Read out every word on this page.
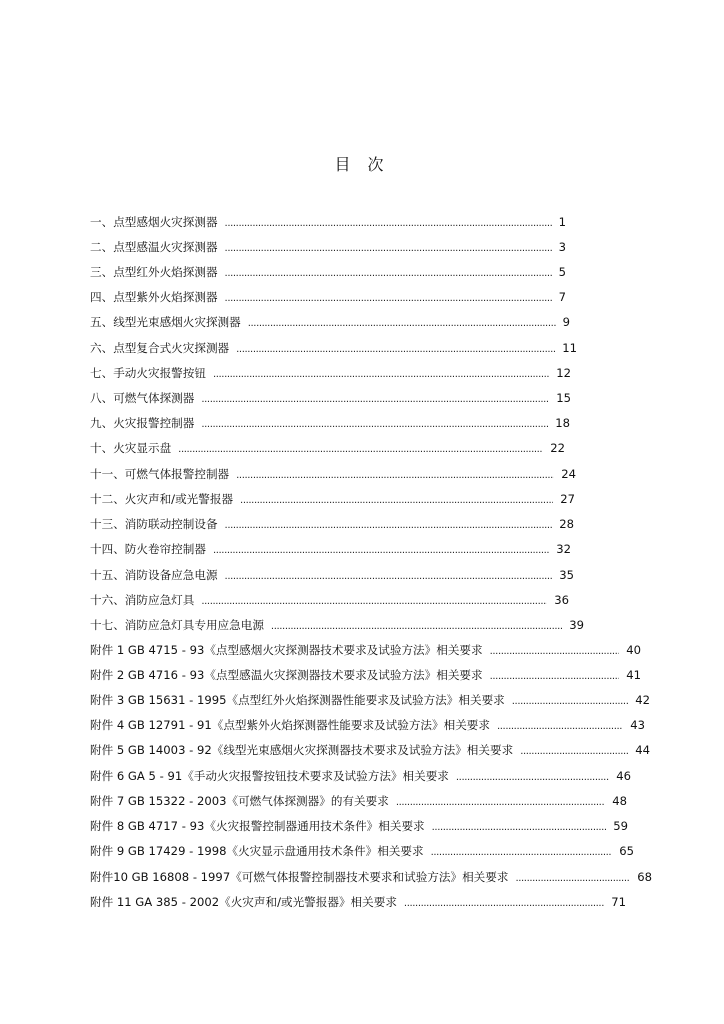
目 次
一、点型感烟火灾探测器 .....	1
二、点型感温火灾探测器 .....	3
三、点型红外火焰探测器 .....	5
四、点型紫外火焰探测器 .....	7
五、线型光束感烟火灾探测器 .....	9
六、点型复合式火灾探测器 .....	11
七、手动火灾报警按钮 .....	12
八、可燃气体探测器 .....	15
九、火灾报警控制器 .....	18
十、火灾显示盘 .....	22
十一、可燃气体报警控制器 .....	24
十二、火灾声和/或光警报器 .....	27
十三、消防联动控制设备 .....	28
十四、防火卷帘控制器 .....	32
十五、消防设备应急电源 .....	35
十六、消防应急灯具 .....	36
十七、消防应急灯具专用应急电源 .....	39
附件 1 GB 4715 - 93《点型感烟火灾探测器技术要求及试验方法》相关要求 .....	40
附件 2 GB 4716 - 93《点型感温火灾探测器技术要求及试验方法》相关要求 .....	41
附件 3 GB 15631 - 1995《点型红外火焰探测器性能要求及试验方法》相关要求 .....	42
附件 4 GB 12791 - 91《点型紫外火焰探测器性能要求及试验方法》相关要求 .....	43
附件 5 GB 14003 - 92《线型光束感烟火灾探测器技术要求及试验方法》相关要求 .....	44
附件 6 GA 5 - 91《手动火灾报警按钮技术要求及试验方法》相关要求 .....	46
附件 7 GB 15322 - 2003《可燃气体探测器》的有关要求 .....	48
附件 8 GB 4717 - 93《火灾报警控制器通用技术条件》相关要求 .....	59
附件 9 GB 17429 - 1998《火灾显示盘通用技术条件》相关要求 .....	65
附件10 GB 16808 - 1997《可燃气体报警控制器技术要求和试验方法》相关要求 .....	68
附件 11 GA 385 - 2002《火灾声和/或光警报器》相关要求 .....	71
